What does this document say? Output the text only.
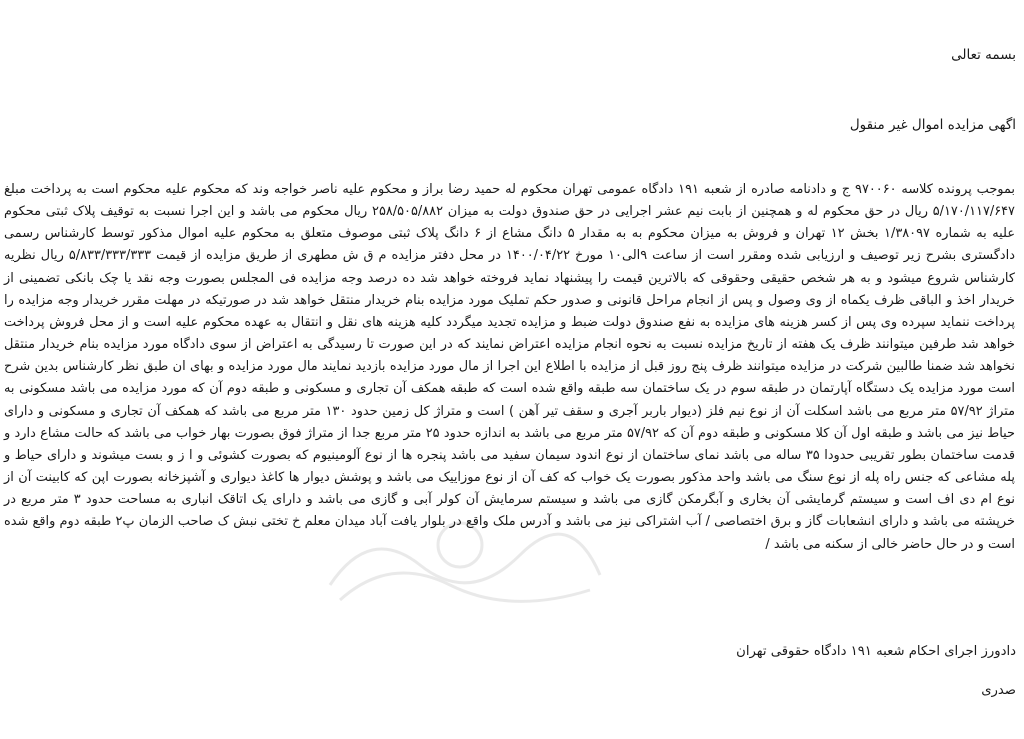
بسمه تعالی
اگهی مزایده اموال غیر منقول

بموجب پرونده کلاسه ۹۷۰۰۶۰ ج و دادنامه صادره از شعبه ۱۹۱ دادگاه عمومی تهران محکوم له حمید رضا براز و محکوم علیه ناصر خواجه وند که محکوم علیه محکوم است به پرداخت مبلغ ۵/۱۷۰/۱۱۷/۶۴۷ ریال در حق محکوم له و همچنین از بابت نیم عشر اجرایی در حق صندوق دولت به میزان ۲۵۸/۵۰۵/۸۸۲ ریال محکوم می باشد و این اجرا نسبت به توقیف پلاک ثبتی محکوم علیه به شماره ۱/۳۸۰۹۷ بخش ۱۲ تهران و فروش به میزان محکوم به به مقدار ۵ دانگ مشاع از ۶ دانگ پلاک ثبتی موصوف متعلق به محکوم علیه اموال مذکور توسط کارشناس رسمی دادگستری بشرح زیر توصیف و ارزیابی شده ومقرر است از ساعت ۹الی۱۰ مورخ ۱۴۰۰/۰۴/۲۲ در محل دفتر مزایده م ق ش مطهری از طریق مزایده از قیمت ۵/۸۳۳/۳۳۳/۳۳۳ ریال نظریه کارشناس شروع میشود و به هر شخص حقیقی وحقوقی که بالاترین قیمت را پیشنهاد نماید فروخته خواهد شد ده درصد وجه مزایده فی المجلس بصورت وجه نقد یا چک بانکی تضمینی از خریدار اخذ و الباقی ظرف یکماه از وی وصول و پس از انجام مراحل قانونی و صدور حکم تملیک مورد مزایده بنام خریدار منتقل خواهد شد در صورتیکه در مهلت مقرر خریدار وجه مزایده را پرداخت ننماید سپرده وی پس از کسر هزینه های مزایده به نفع صندوق دولت ضبط و مزایده تجدید میگردد کلیه هزینه های نقل و انتقال به عهده محکوم علیه است و از محل فروش پرداخت خواهد شد طرفین میتوانند ظرف یک هفته از تاریخ مزایده نسبت به نحوه انجام مزایده اعتراض نمایند که در این صورت تا رسیدگی به اعتراض از سوی دادگاه مورد مزایده بنام خریدار منتقل نخواهد شد ضمنا طالبین شرکت در مزایده میتوانند ظرف پنج روز قبل از مزایده با اطلاع این اجرا از مال مورد مزایده بازدید نمایند مال مورد مزایده و بهای ان طبق نظر کارشناس بدین شرح است مورد مزایده یک دستگاه آپارتمان در طبقه سوم در یک ساختمان سه طبقه واقع شده است که طبقه همکف آن تجاری و مسکونی و طبقه دوم آن که مورد مزایده می باشد مسکونی به متراژ ۵۷/۹۲ متر مربع می باشد اسکلت آن از نوع نیم فلز (دیوار باربر آجری و سقف تیر آهن ) است و متراژ کل زمین حدود ۱۳۰ متر مربع می باشد که همکف آن تجاری و مسکونی و دارای حیاط نیز می باشد و طبقه اول آن کلا مسکونی و طبقه دوم آن که ۵۷/۹۲ متر مربع می باشد به اندازه حدود ۲۵ متر مربع جدا از متراژ فوق بصورت بهار خواب می باشد که حالت مشاع دارد و قدمت ساختمان بطور تقریبی حدودا ۳۵ ساله می باشد نمای ساختمان از نوع اندود سیمان سفید می باشد پنجره ها از نوع آلومینیوم که بصورت کشوئی و ا ز و بست میشوند و دارای حیاط و پله مشاعی که جنس راه پله از نوع سنگ می باشد واحد مذکور بصورت یک خواب که کف آن از نوع موزاییک می باشد و پوشش دیوار ها کاغذ دیواری و آشپزخانه بصورت اپن که کابینت آن از نوع ام دی اف است و سیستم گرمایشی آن بخاری و آبگرمکن گازی می باشد و سیستم سرمایش آن کولر آبی و گازی می باشد و دارای یک اتاقک انباری به مساحت حدود ۳ متر مربع در خرپشته می باشد و دارای انشعابات گاز و برق اختصاصی / آب اشتراکی نیز می باشد و آدرس ملک واقع در بلوار یافت آباد میدان معلم خ تختی نبش ک صاحب الزمان پ۲ طبقه دوم واقع شده است و در حال حاضر خالی از سکنه می باشد /

دادورز اجرای احکام شعبه ۱۹۱ دادگاه حقوقی تهران
صدری
